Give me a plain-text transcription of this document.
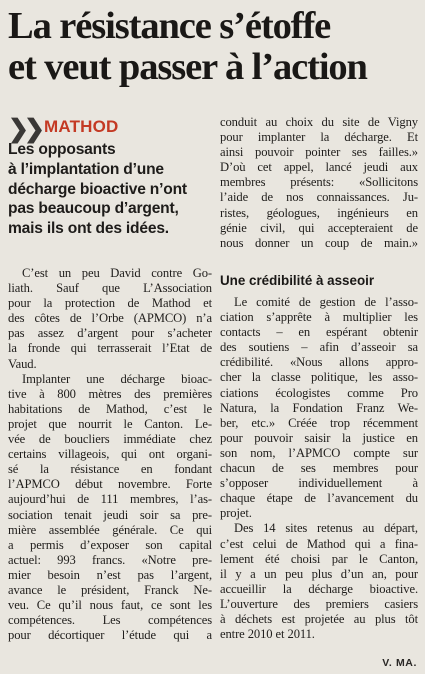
La résistance s’étoffe
et veut passer à l’action
❯❯ MATHOD
Les opposants
à l’implantation d’une
décharge bioactive n’ont
pas beaucoup d’argent,
mais ils ont des idées.
C’est un peu David contre Go-
liath. Sauf que L’Association
pour la protection de Mathod et
des côtes de l’Orbe (APMCO) n’a
pas assez d’argent pour s’acheter
la fronde qui terrasserait l’Etat de
Vaud.
Implanter une décharge bioac-
tive à 800 mètres des premières
habitations de Mathod, c’est le
projet que nourrit le Canton. Le-
vée de boucliers immédiate chez
certains villageois, qui ont organi-
sé la résistance en fondant
l’APMCO début novembre. Forte
aujourd’hui de 111 membres, l’as-
sociation tenait jeudi soir sa pre-
mière assemblée générale. Ce qui
a permis d’exposer son capital
actuel: 993 francs. «Notre pre-
mier besoin n’est pas l’argent,
avance le président, Franck Ne-
veu. Ce qu’il nous faut, ce sont les
compétences. Les compétences
pour décortiquer l’étude qui a
conduit au choix du site de Vigny
pour implanter la décharge. Et
ainsi pouvoir pointer ses failles.»
D’où cet appel, lancé jeudi aux
membres présents: «Sollicitons
l’aide de nos connaissances. Ju-
ristes, géologues, ingénieurs en
génie civil, qui accepteraient de
nous donner un coup de main.»
Une crédibilité à asseoir
Le comité de gestion de l’asso-
ciation s’apprête à multiplier les
contacts – en espérant obtenir
des soutiens – afin d’asseoir sa
crédibilité. «Nous allons appro-
cher la classe politique, les asso-
ciations écologistes comme Pro
Natura, la Fondation Franz We-
ber, etc.» Créée trop récemment
pour pouvoir saisir la justice en
son nom, l’APMCO compte sur
chacun de ses membres pour
s’opposer individuellement à
chaque étape de l’avancement du
projet.
Des 14 sites retenus au départ,
c’est celui de Mathod qui a fina-
lement été choisi par le Canton,
il y a un peu plus d’un an, pour
accueillir la décharge bioactive.
L’ouverture des premiers casiers
à déchets est projetée au plus tôt
entre 2010 et 2011.
V. MA.
